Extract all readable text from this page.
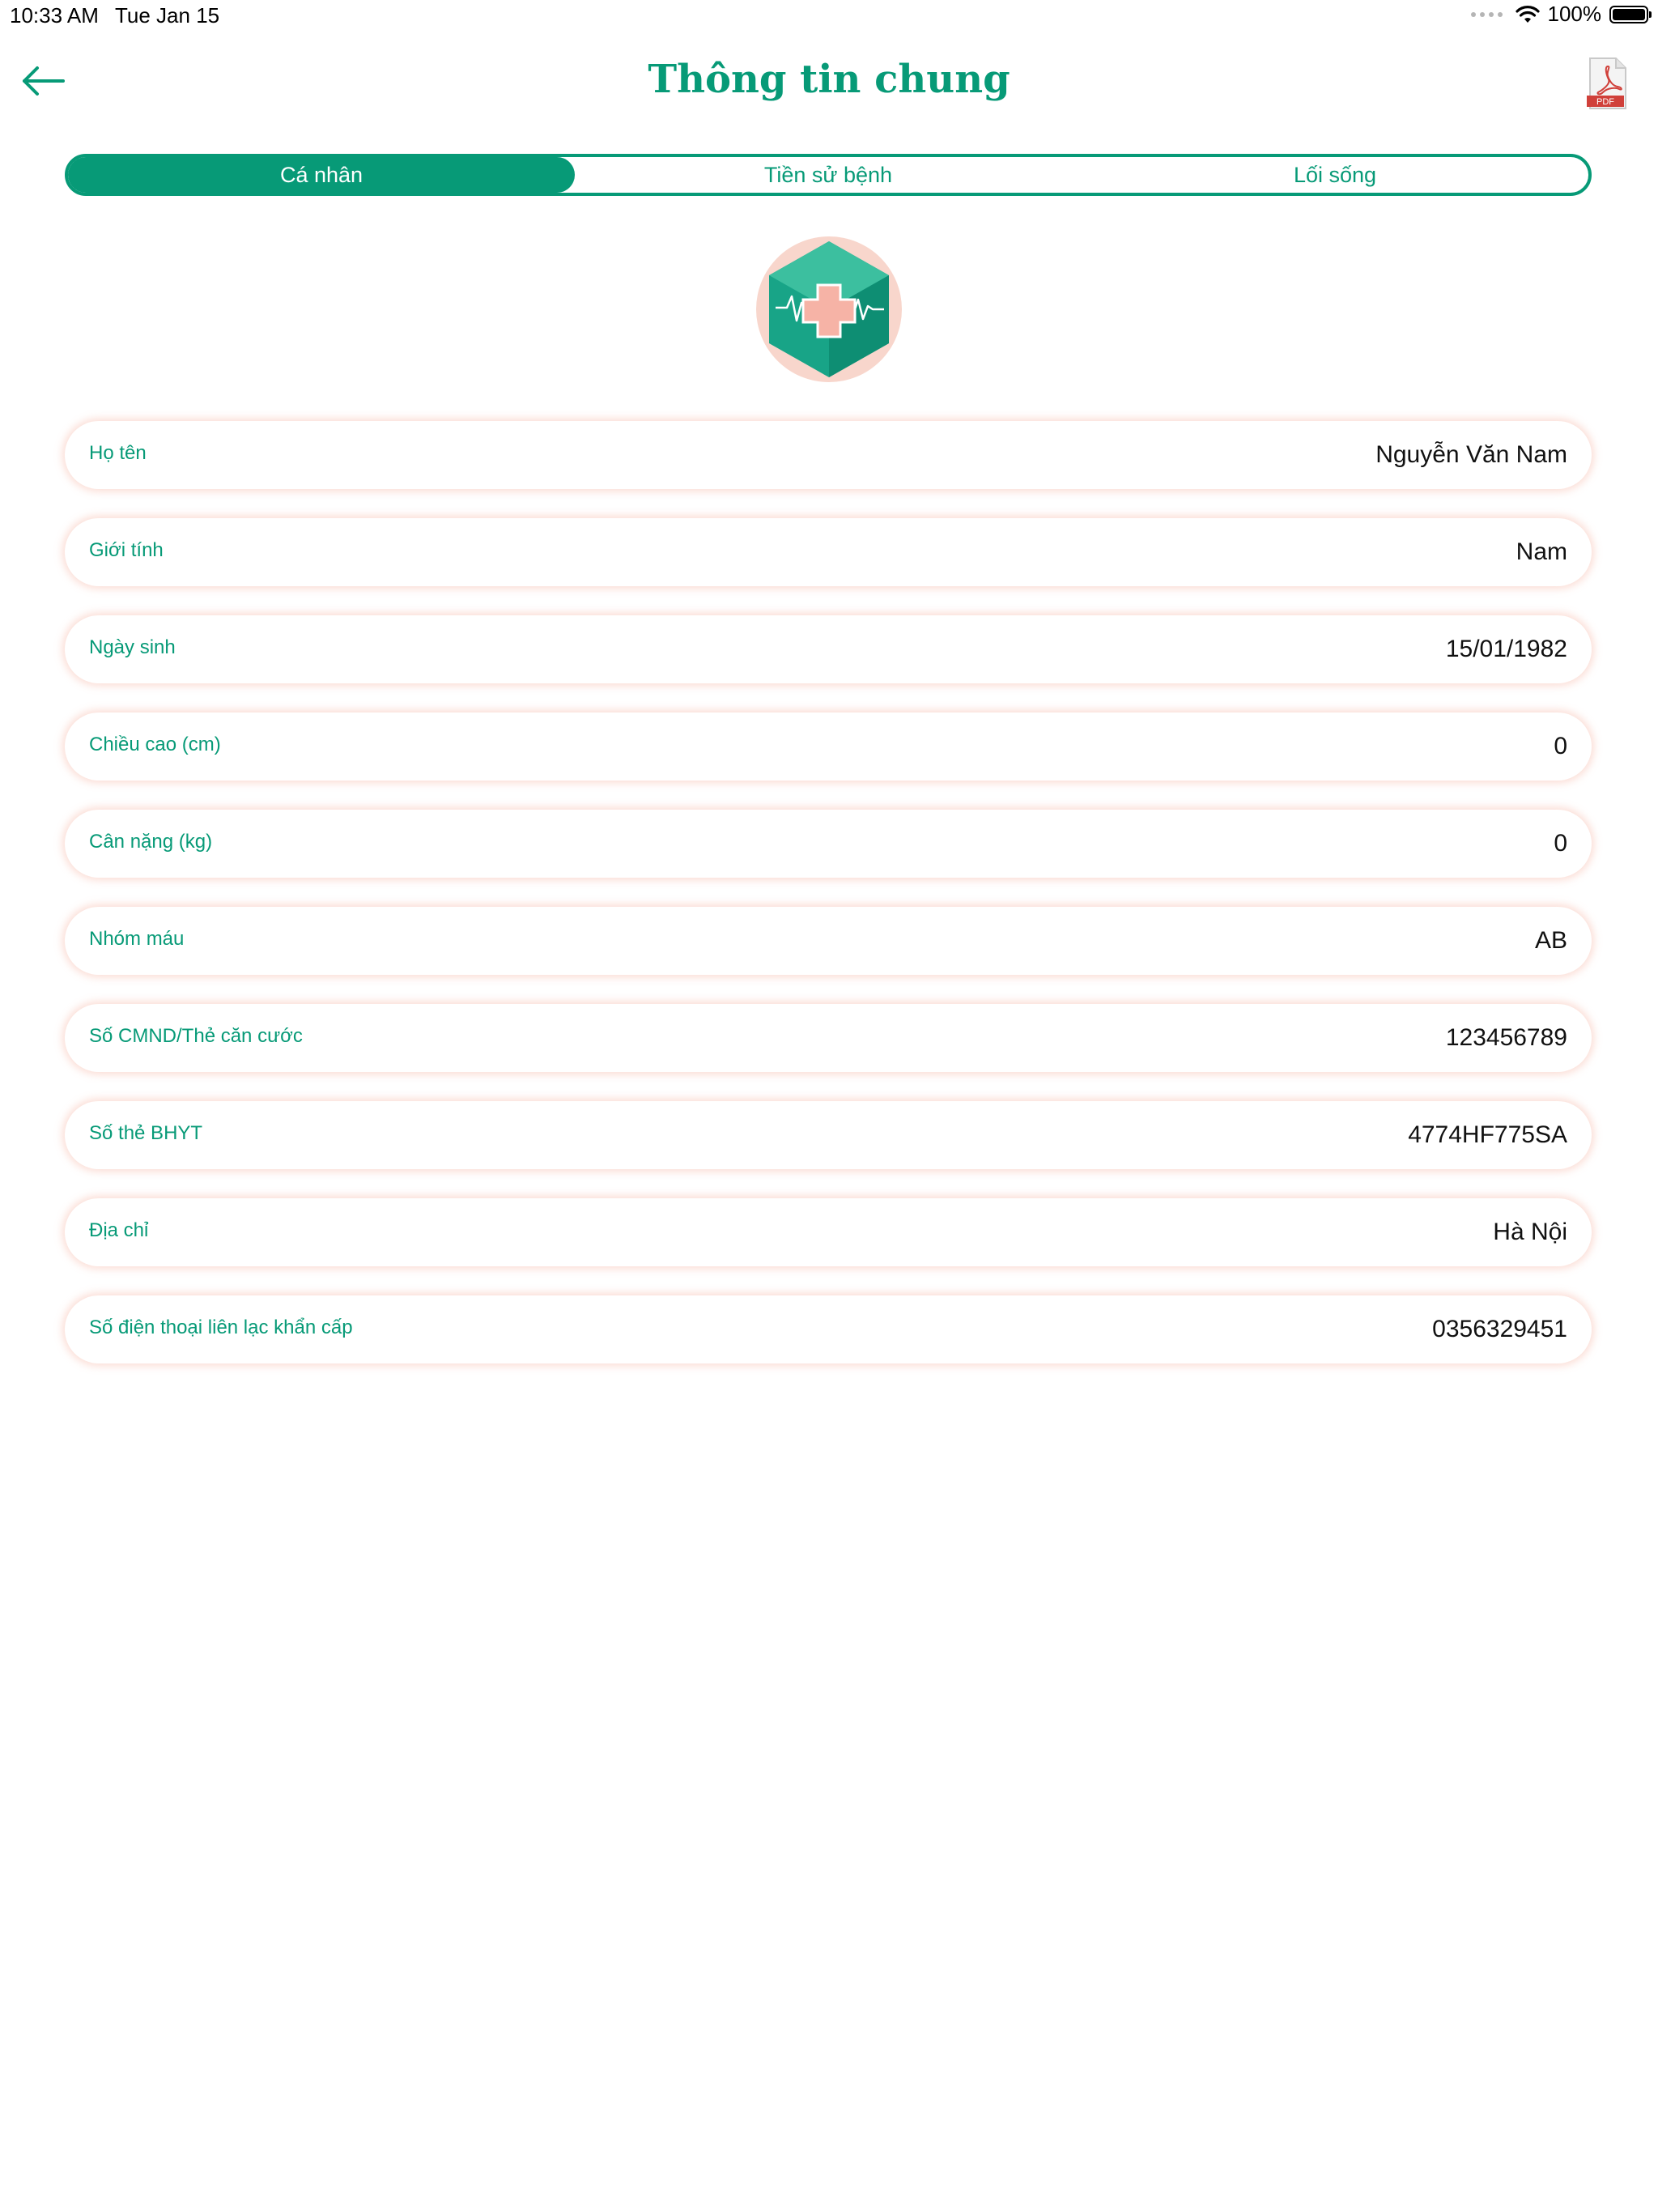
10:33 AM Tue Jan 15	100%
Thông tin chung	PDF
Cá nhân	Tiền sử bệnh	Lối sống
Họ tên	Nguyễn Văn Nam
Giới tính	Nam
Ngày sinh	15/01/1982
Chiều cao (cm)	0
Cân nặng (kg)	0
Nhóm máu	AB
Số CMND/Thẻ căn cước	123456789
Số thẻ BHYT	4774HF775SA
Địa chỉ	Hà Nội
Số điện thoại liên lạc khẩn cấp	0356329451
